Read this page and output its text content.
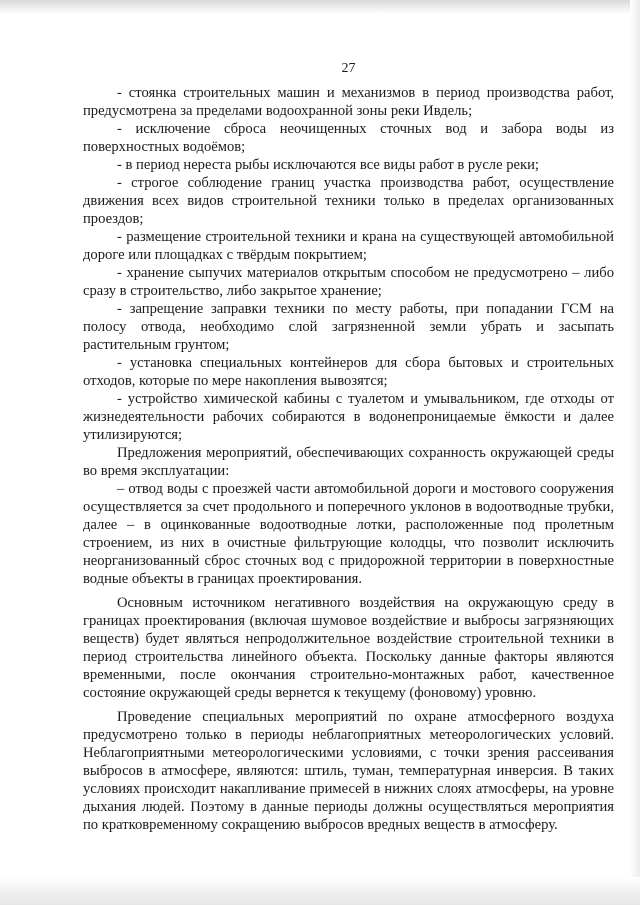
27

- стоянка строительных машин и механизмов в период производства работ, предусмотрена за пределами водоохранной зоны реки Ивдель;

- исключение сброса неочищенных сточных вод и забора воды из поверхностных водоёмов;

- в период нереста рыбы исключаются все виды работ в русле реки;

- строгое соблюдение границ участка производства работ, осуществление движения всех видов строительной техники только в пределах организованных проездов;

- размещение строительной техники и крана на существующей автомобильной дороге или площадках с твёрдым покрытием;

- хранение сыпучих материалов открытым способом не предусмотрено – либо сразу в строительство, либо закрытое хранение;

- запрещение заправки техники по месту работы, при попадании ГСМ на полосу отвода, необходимо слой загрязненной земли убрать и засыпать растительным грунтом;

- установка специальных контейнеров для сбора бытовых и строительных отходов, которые по мере накопления вывозятся;

- устройство химической кабины с туалетом и умывальником, где отходы от жизнедеятельности рабочих собираются в водонепроницаемые ёмкости и далее утилизируются;

Предложения мероприятий, обеспечивающих сохранность окружающей среды во время эксплуатации:

– отвод воды с проезжей части автомобильной дороги и мостового сооружения осуществляется за счет продольного и поперечного уклонов в водоотводные трубки, далее – в оцинкованные водоотводные лотки, расположенные под пролетным строением, из них в очистные фильтрующие колодцы, что позволит исключить неорганизованный сброс сточных вод с придорожной территории в поверхностные водные объекты в границах проектирования.

Основным источником негативного воздействия на окружающую среду в границах проектирования (включая шумовое воздействие и выбросы загрязняющих веществ) будет являться непродолжительное воздействие строительной техники в период строительства линейного объекта. Поскольку данные факторы являются временными, после окончания строительно-монтажных работ, качественное состояние окружающей среды вернется к текущему (фоновому) уровню.

Проведение специальных мероприятий по охране атмосферного воздуха предусмотрено только в периоды неблагоприятных метеорологических условий. Неблагоприятными метеорологическими условиями, с точки зрения рассеивания выбросов в атмосфере, являются: штиль, туман, температурная инверсия. В таких условиях происходит накапливание примесей в нижних слоях атмосферы, на уровне дыхания людей. Поэтому в данные периоды должны осуществляться мероприятия по кратковременному сокращению выбросов вредных веществ в атмосферу.
